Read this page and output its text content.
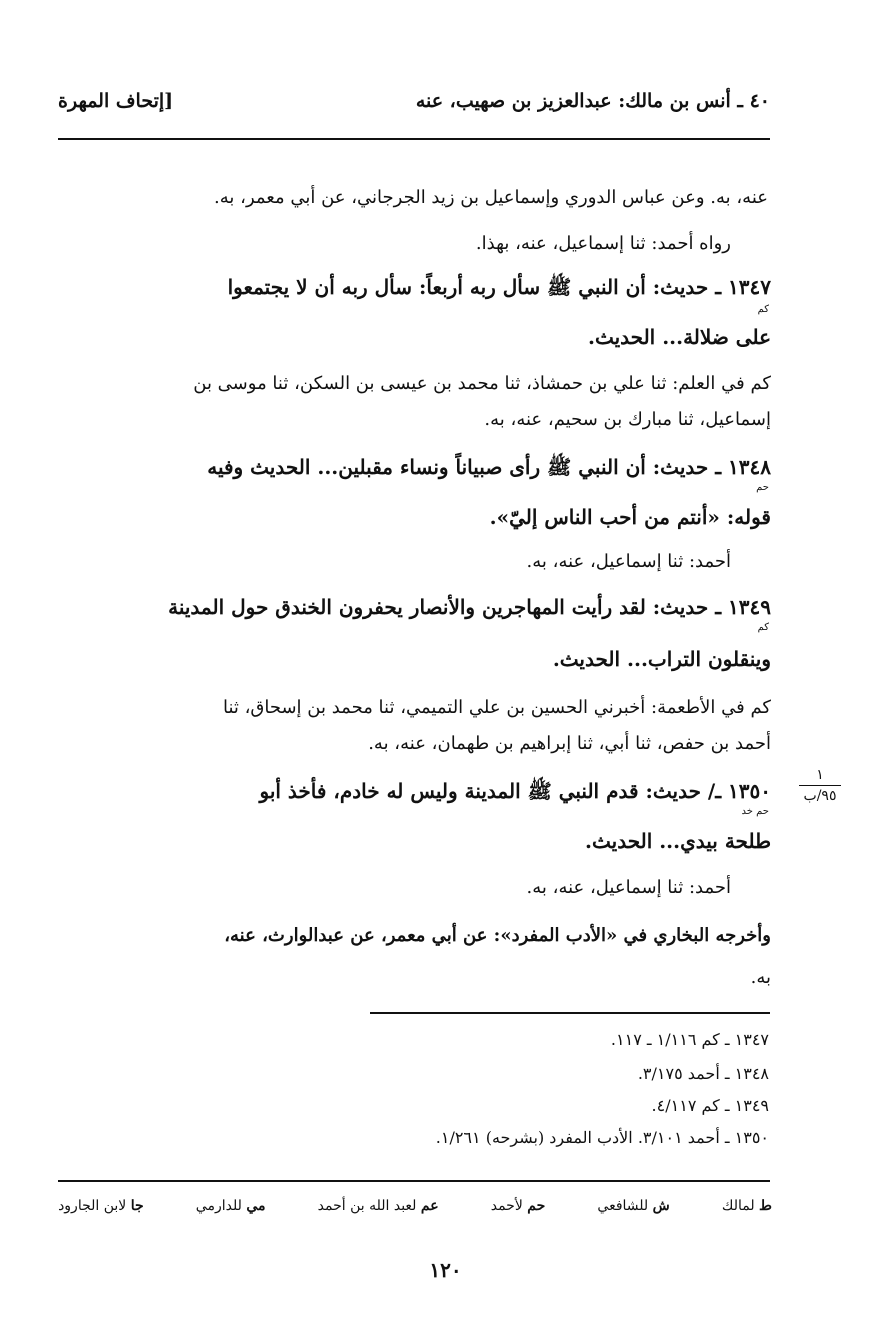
٤٠ ـ أنس بن مالك: عبدالعزيز بن صهيب، عنه
[إتحاف المهرة
عنه، به. وعن عباس الدوري وإسماعيل بن زيد الجرجاني، عن أبي معمر، به.
رواه أحمد: ثنا إسماعيل، عنه، بهذا.
١٣٤٧ ـ حديث: أن النبي ﷺ سأل ربه أربعاً: سأل ربه أن لا يجتمعوا
كم
على ضلالة... الحديث.
كم في العلم: ثنا علي بن حمشاذ، ثنا محمد بن عيسى بن السكن، ثنا موسى بن
إسماعيل، ثنا مبارك بن سحيم، عنه، به.
١٣٤٨ ـ حديث: أن النبي ﷺ رأى صبياناً ونساء مقبلين... الحديث وفيه
حم
قوله: «أنتم من أحب الناس إليّ».
أحمد: ثنا إسماعيل، عنه، به.
١٣٤٩ ـ حديث: لقد رأيت المهاجرين والأنصار يحفرون الخندق حول المدينة
كم
وينقلون التراب... الحديث.
كم في الأطعمة: أخبرني الحسين بن علي التميمي، ثنا محمد بن إسحاق، ثنا
أحمد بن حفص، ثنا أبي، ثنا إبراهيم بن طهمان، عنه، به.
١٣٥٠ ـ/ حديث: قدم النبي ﷺ المدينة وليس له خادم، فأخذ أبو
حم خد
طلحة بيدي... الحديث.
١
٩٥/ب
أحمد: ثنا إسماعيل، عنه، به.
وأخرجه البخاري في «الأدب المفرد»: عن أبي معمر، عن عبدالوارث، عنه،
به.
١٣٤٧ ـ كم ١/١١٦ ـ ١١٧.
١٣٤٨ ـ أحمد ٣/١٧٥.
١٣٤٩ ـ كم ٤/١١٧.
١٣٥٠ ـ أحمد ٣/١٠١. الأدب المفرد (بشرحه) ١/٢٦١.
ط لمالك
ش للشافعي
حم لأحمد
عم لعبد الله بن أحمد
مي للدارمي
جا لابن الجارود
١٢٠
